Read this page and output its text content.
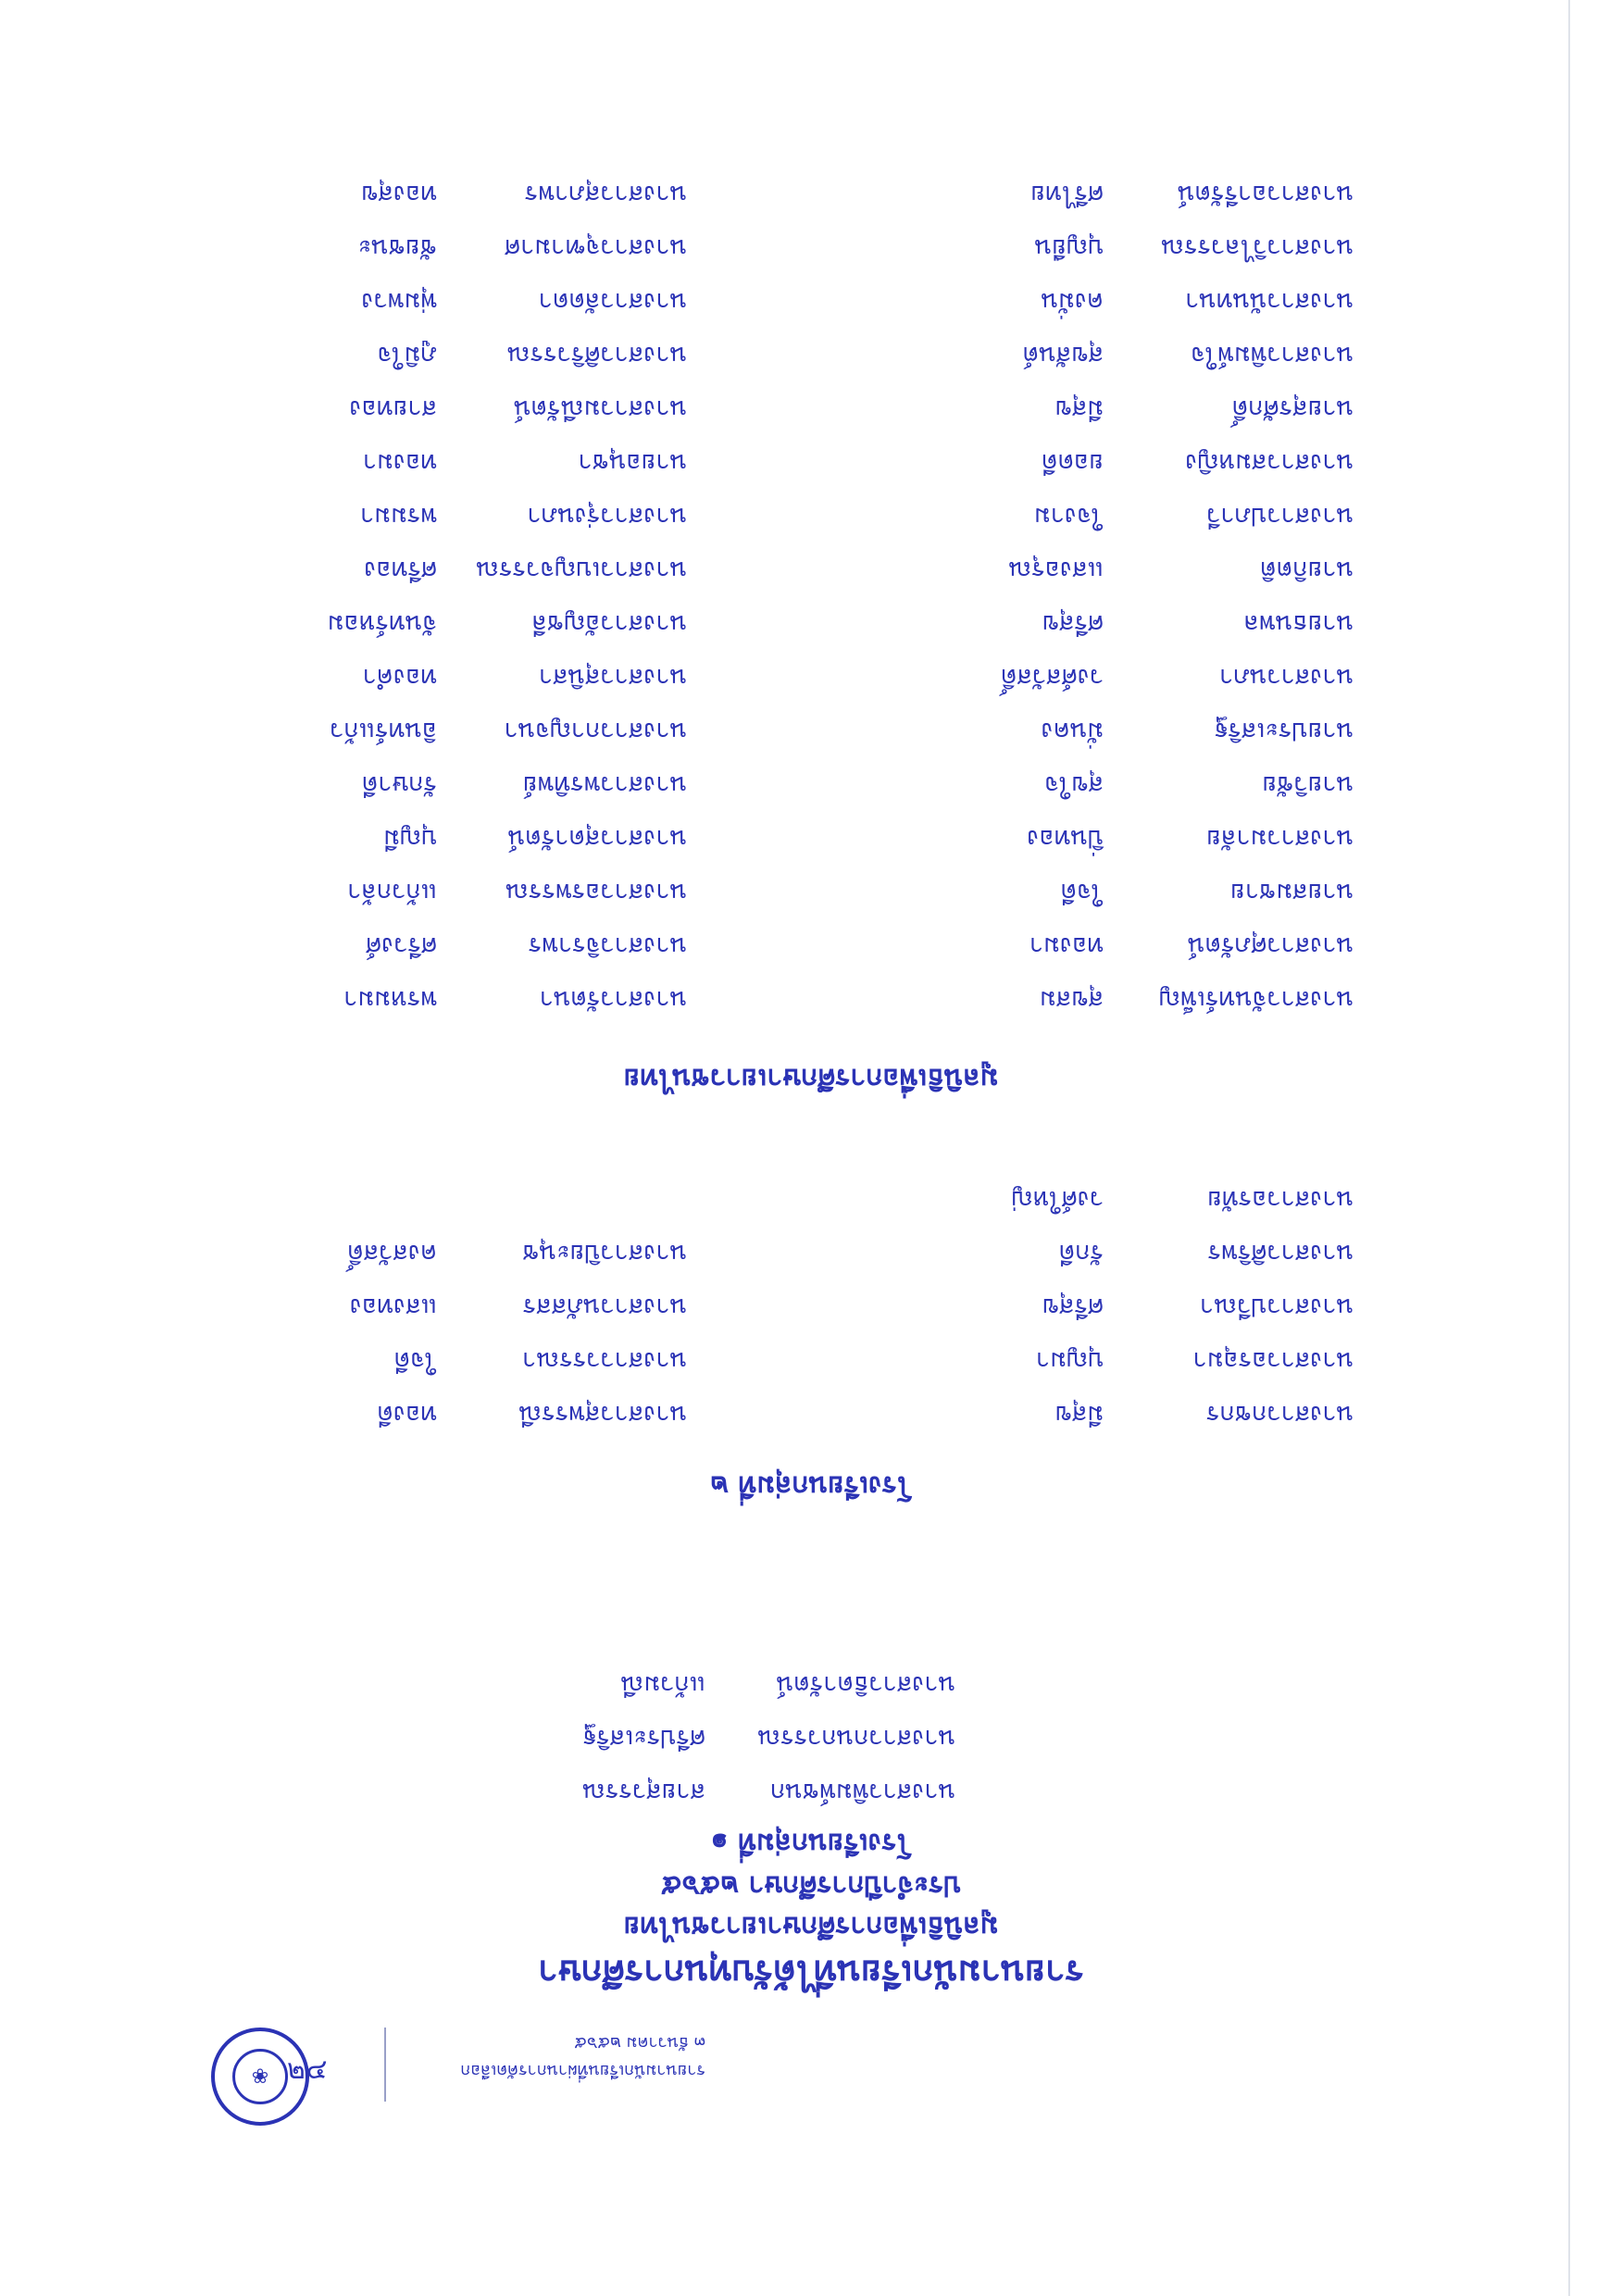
รายนามนักเรียนที่ได้รับทุนการศึกษา
มูลนิธิเพื่อการศึกษาเยาวชนไทย
ประจำปีการศึกษา ๒๕๖๕
โรงเรียนกลุ่มที่ ๑
นางสาวพิมพ์ชนก
สายสุวรรณ
นางสาวกนกวรรณ
ศรีประเสริฐ
นางสาวธิดารัตน์
แก้วมณี
โรงเรียนกลุ่มที่ ๒
มูลนิธิเพื่อการศึกษาเยาวชนไทย
รายนามนักเรียนที่ผ่านการคัดเลือก
๓ ธันวาคม ๒๕๖๕
นางสาวกชกร
มีสุข
นางสาวสุพรรณี
ทองดี
นางสาวอรอุมา
บุญมา
นางสาววรรณา
ใจดี
นางสาวปวีณา
ศรีสุข
นางสาวนภัสสร
แสงทอง
นางสาวศิริพร
รักดี
นางสาวปิยะนุช
คงสวัสดิ์
นางสาวอรทัย
วงศ์ใหญ่
นางสาวจันทร์เพ็ญ
สุขสม
นางสาวรัตนา
พรหมมา
นางสาวศุภรัตน์
ทองมา
นางสาวจิราพร
ศรีวงศ์
นายสมชาย
ใจดี
นางสาวอรพรรณ
แก้วกล้า
นางสาวมาลัย
ปิ่นทอง
นางสาวสุดารัตน์
บุญมี
นายวิชัย
สุขใจ
นางสาวพรทิพย์
รักษาดี
นายประเสริฐ
มั่นคง
นางสาวกาญจนา
อินทร์แก้ว
นางสาวนภา
วงศ์สวัสดิ์
นางสาวสุนิสา
ทองคำ
นายธนพล
ศรีสุข
นางสาวอัญชลี
จันทร์หอม
นายกิตติ
แสงอรุณ
นางสาวเบญจวรรณ
ศรีทอง
นางสาวปภาวี
ใจงาม
นางสาวรุ่งนภา
พรมมา
นางสาวสมหญิง
ยอดดี
นายอนุชา
ทองมา
นายสุรศักดิ์
มีสุข
นางสาวมณีรัตน์
สายทอง
นางสาวพิมพ์ใจ
สุขสันต์
นางสาวศิริวรรณ
ภูมิใจ
นางสาวนันทนา
คงมั่น
นางสาวลัดดา
พุ่มพวง
นางสาววิไลวรรณ
บุญยืน
นางสาวจุฑามาศ
ชัยชนะ
นางสาวอารีรัตน์
ศรีไทย
นางสาวสุภาพร
ทองสุข
๒๔
❀
